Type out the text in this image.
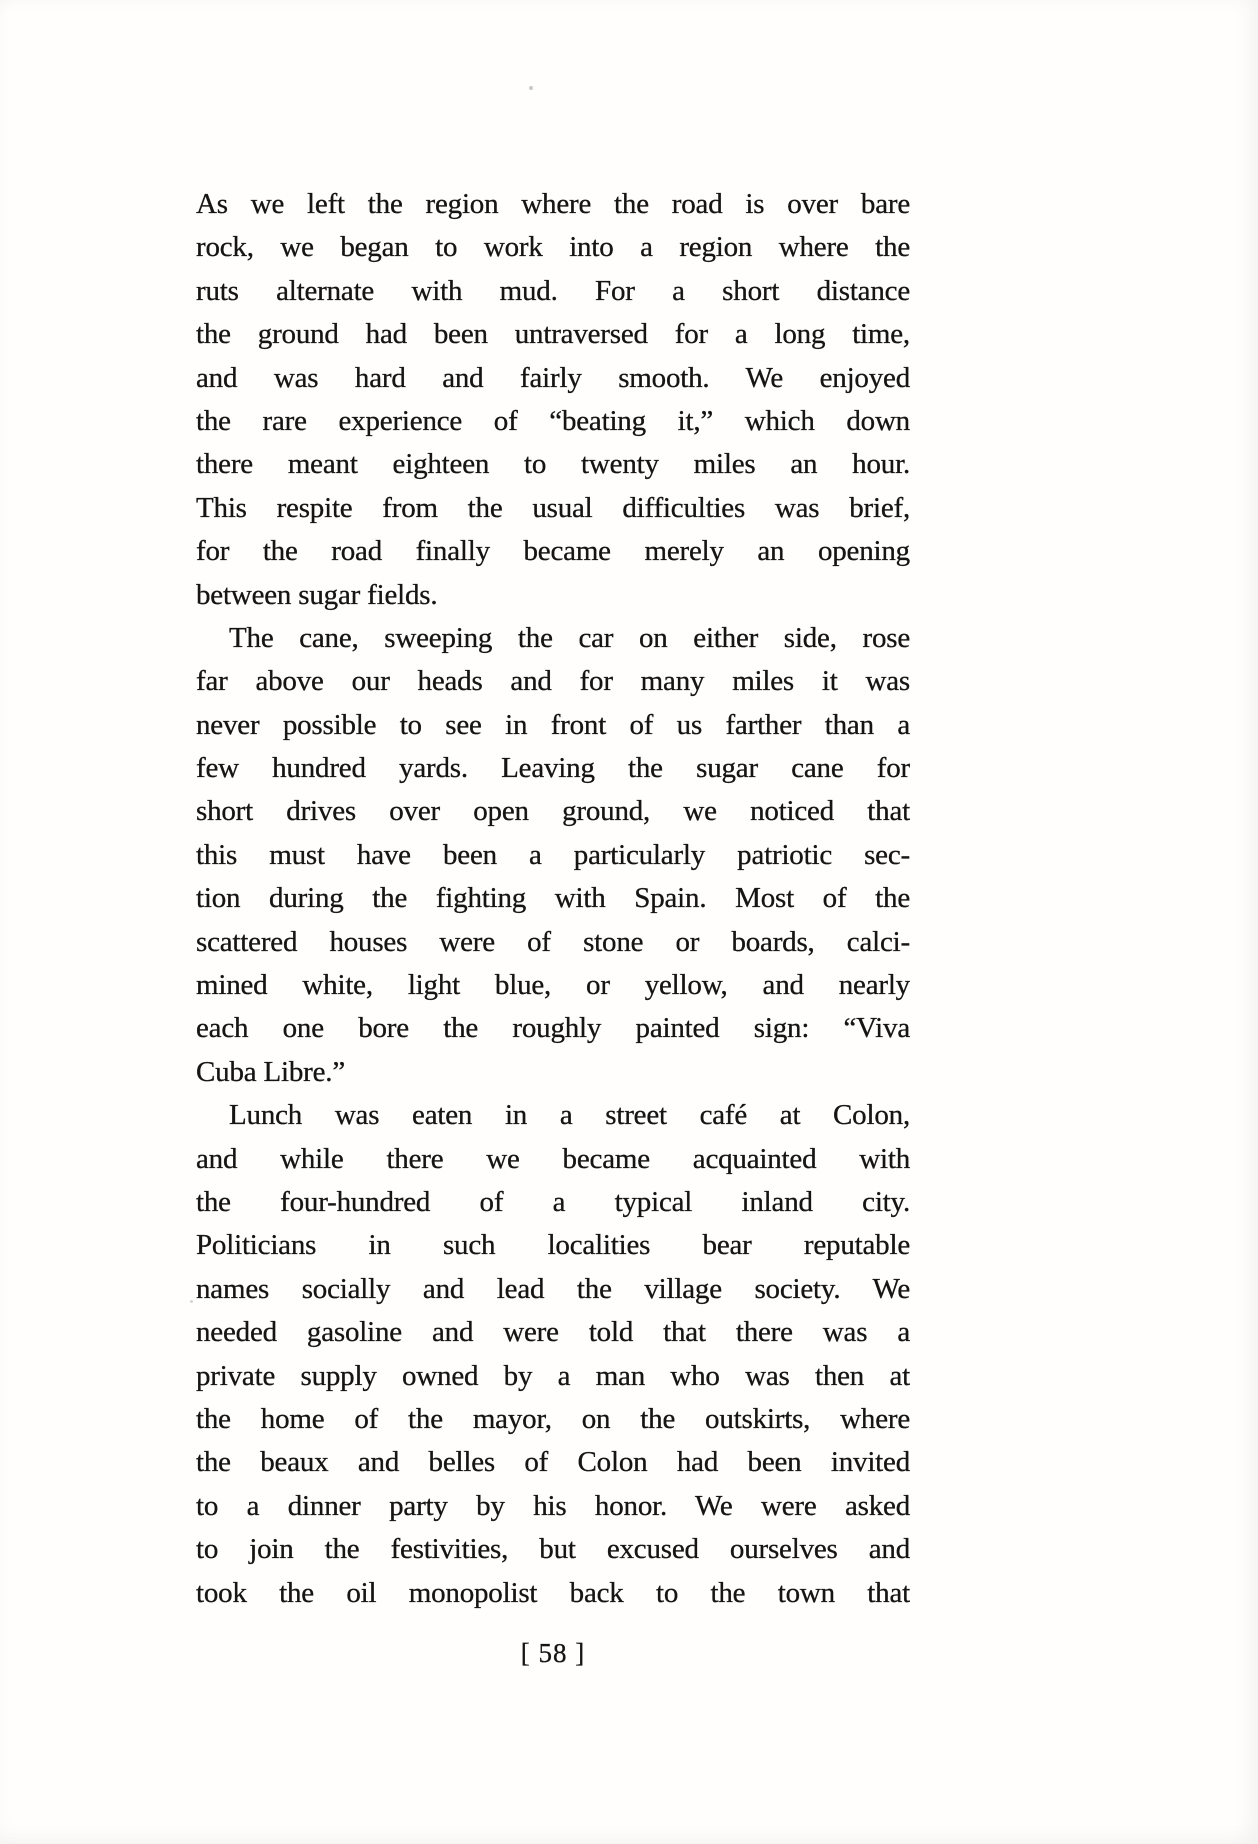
As we left the region where the road is over bare
rock, we began to work into a region where the
ruts alternate with mud. For a short distance
the ground had been untraversed for a long time,
and was hard and fairly smooth. We enjoyed
the rare experience of “beating it,” which down
there meant eighteen to twenty miles an hour.
This respite from the usual difficulties was brief,
for the road finally became merely an opening
between sugar fields.
The cane, sweeping the car on either side, rose
far above our heads and for many miles it was
never possible to see in front of us farther than a
few hundred yards. Leaving the sugar cane for
short drives over open ground, we noticed that
this must have been a particularly patriotic sec-
tion during the fighting with Spain. Most of the
scattered houses were of stone or boards, calci-
mined white, light blue, or yellow, and nearly
each one bore the roughly painted sign: “Viva
Cuba Libre.”
Lunch was eaten in a street café at Colon,
and while there we became acquainted with
the four-hundred of a typical inland city.
Politicians in such localities bear reputable
names socially and lead the village society. We
needed gasoline and were told that there was a
private supply owned by a man who was then at
the home of the mayor, on the outskirts, where
the beaux and belles of Colon had been invited
to a dinner party by his honor. We were asked
to join the festivities, but excused ourselves and
took the oil monopolist back to the town that
[ 58 ]
